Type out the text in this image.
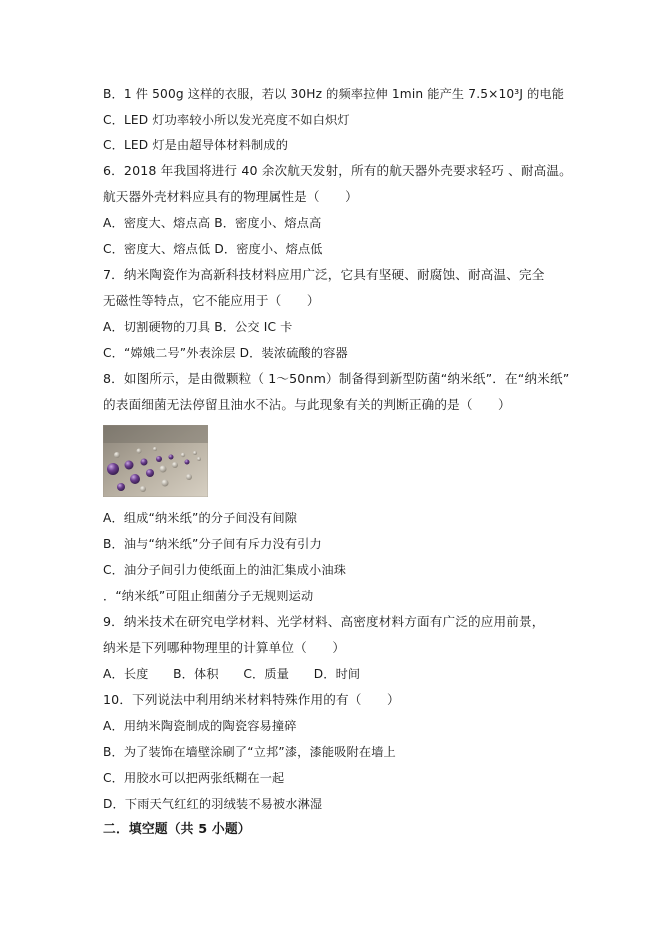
B．1 件 500g 这样的衣服，若以 30Hz 的频率拉伸 1min 能产生 7.5×10³J 的电能
C．LED 灯功率较小所以发光亮度不如白炽灯
C．LED 灯是由超导体材料制成的
6．2018 年我国将进行 40 余次航天发射，所有的航天器外壳要求轻巧 、耐高温。
航天器外壳材料应具有的物理属性是（　　）
A．密度大、熔点高 B．密度小、熔点高
C．密度大、熔点低 D．密度小、熔点低
7．纳米陶瓷作为高新科技材料应用广泛，它具有坚硬、耐腐蚀、耐高温、完全
无磁性等特点，它不能应用于（　　）
A．切割硬物的刀具 B．公交 IC 卡
C．“嫦娥二号”外表涂层 D．装浓硫酸的容器
8．如图所示，是由微颗粒（ 1～50nm）制备得到新型防菌“纳米纸”．在“纳米纸”
的表面细菌无法停留且油水不沾。与此现象有关的判断正确的是（　　）
A．组成“纳米纸”的分子间没有间隙
B．油与“纳米纸”分子间有斥力没有引力
C．油分子间引力使纸面上的油汇集成小油珠
．“纳米纸”可阻止细菌分子无规则运动
9．纳米技术在研究电学材料、光学材料、高密度材料方面有广泛的应用前景，
纳米是下列哪种物理里的计算单位（　　）
A．长度　　B．体积　　C．质量　　D．时间
10．下列说法中利用纳米材料特殊作用的有（　　）
A．用纳米陶瓷制成的陶瓷容易撞碎
B．为了装饰在墙壁涂刷了“立邦”漆，漆能吸附在墙上
C．用胶水可以把两张纸糊在一起
D．下雨天气红红的羽绒装不易被水淋湿
二．填空题（共 5 小题）
